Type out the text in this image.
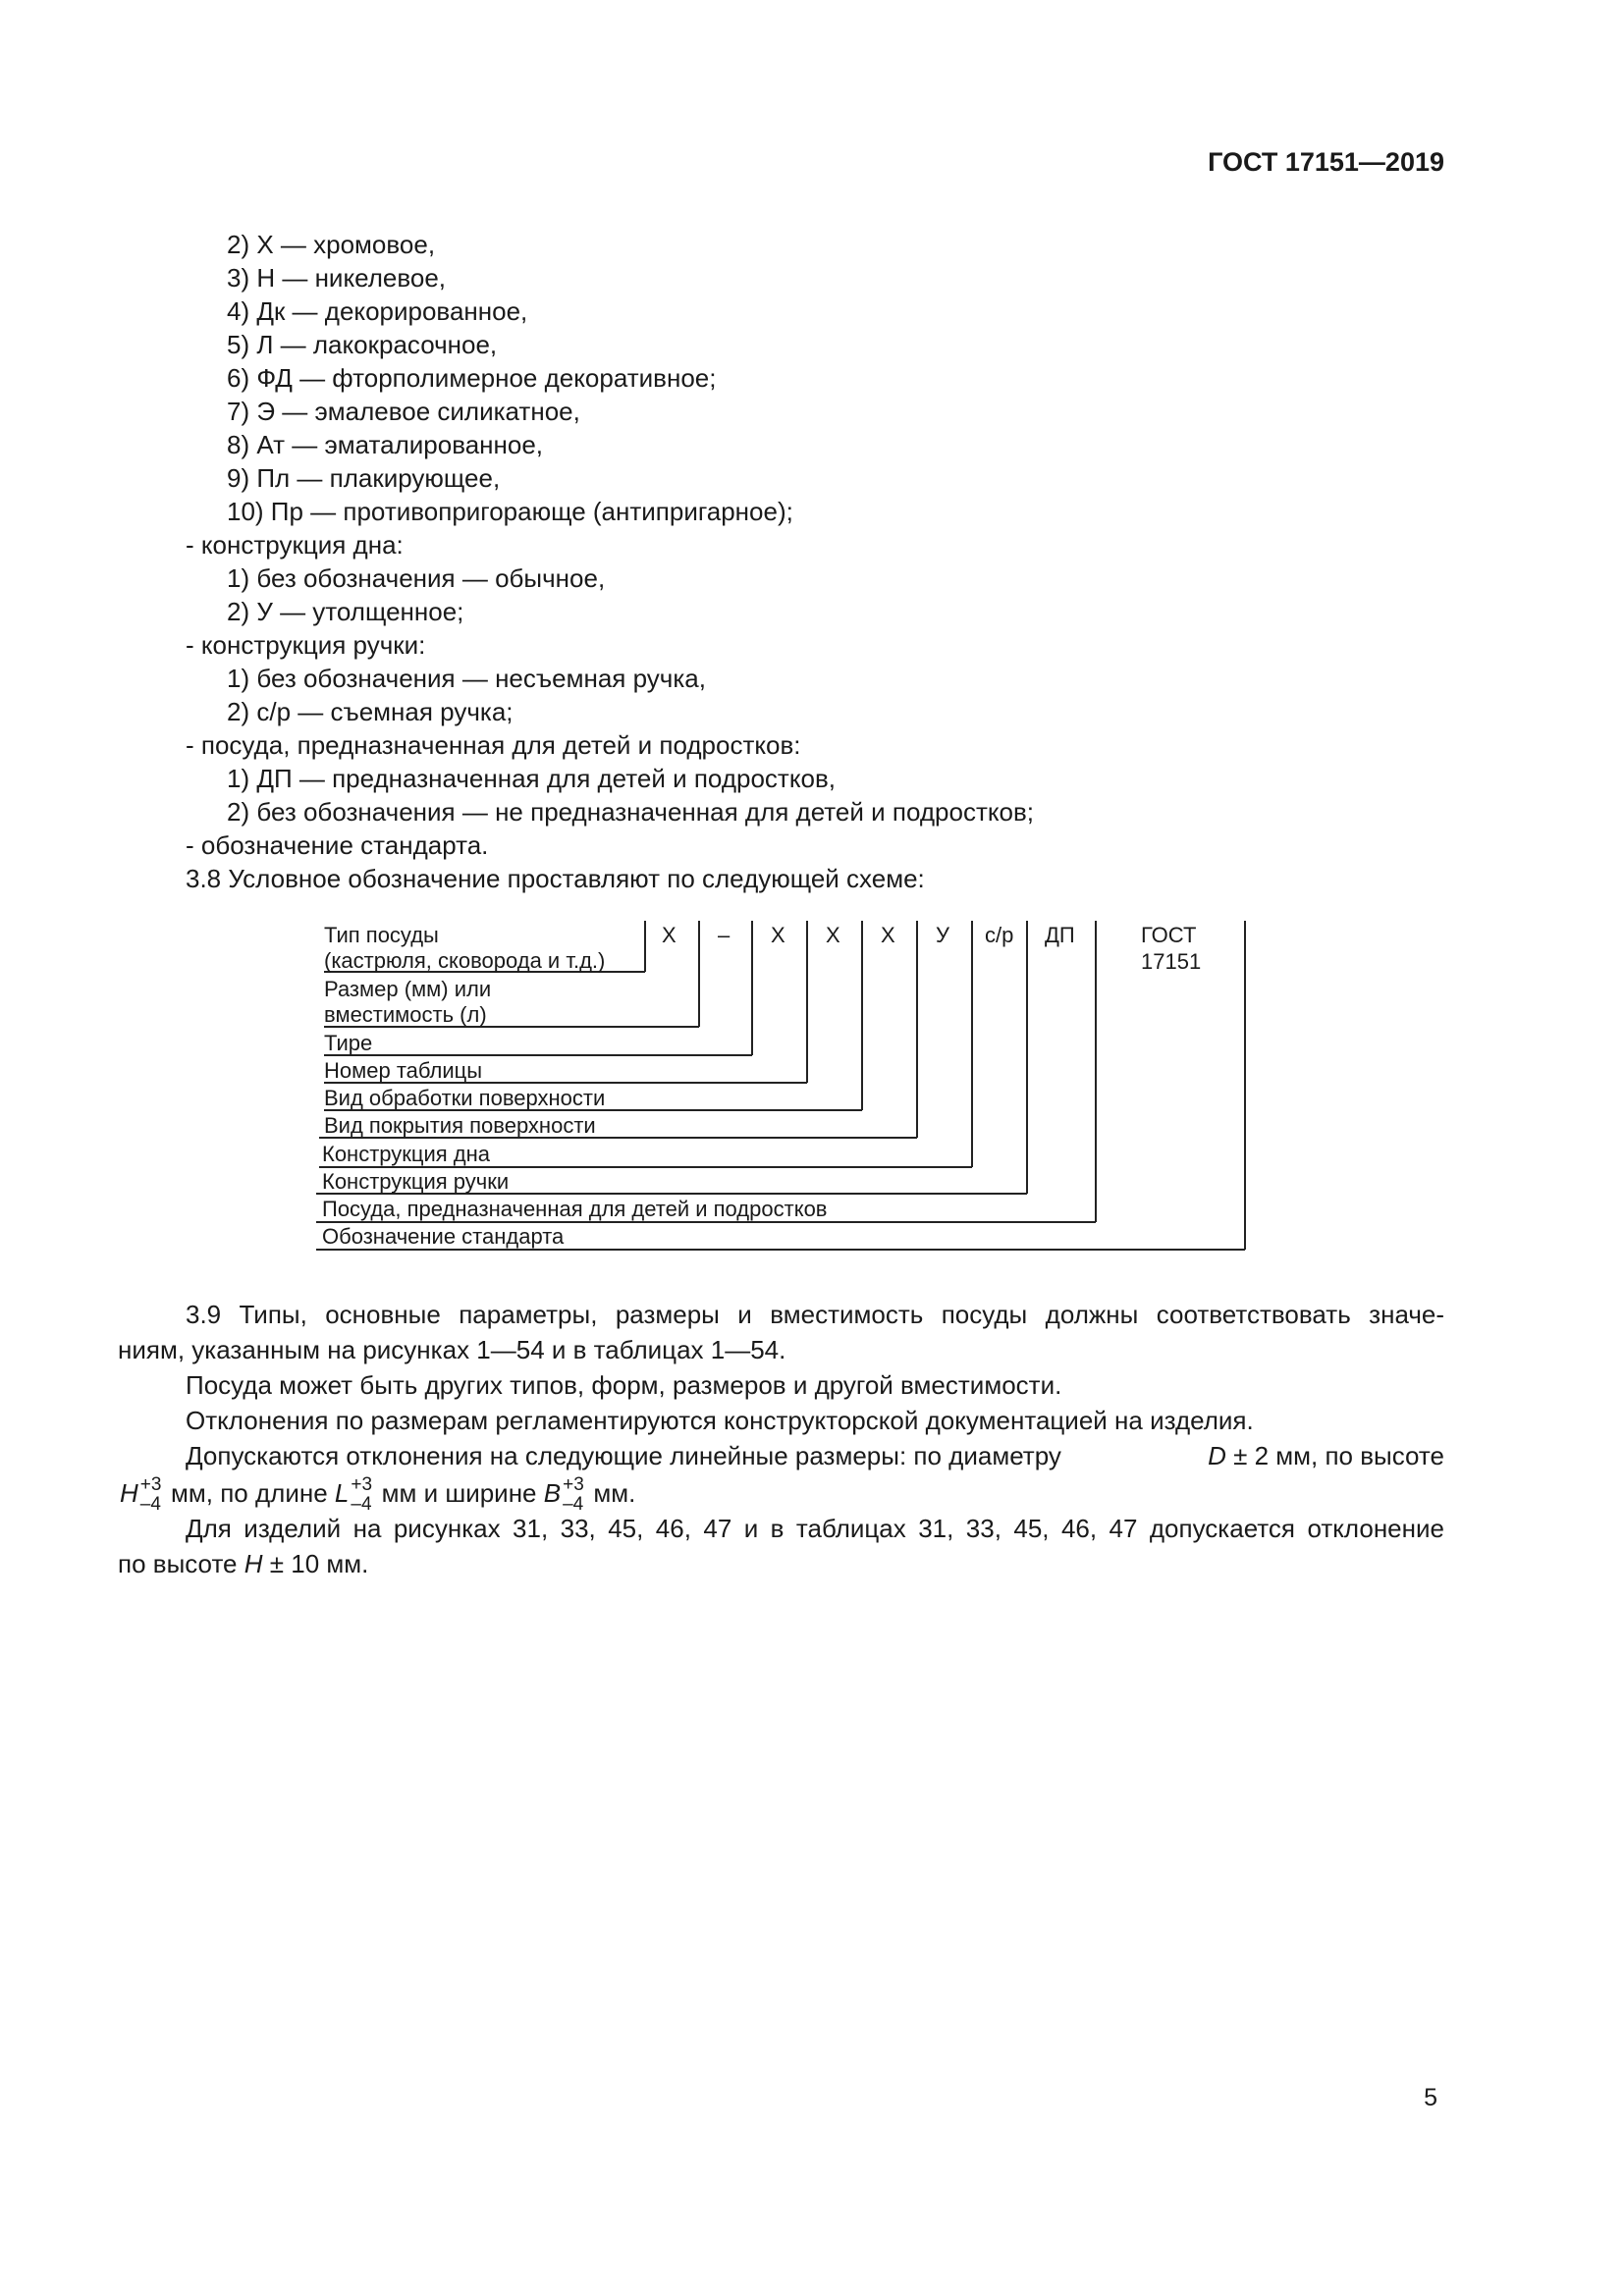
ГОСТ 17151—2019
2) Х — хромовое,
3) Н — никелевое,
4) Дк — декорированное,
5) Л — лакокрасочное,
6) ФД — фторполимерное декоративное;
7) Э — эмалевое силикатное,
8) Ат — эматалированное,
9) Пл — плакирующее,
10) Пр — противопригорающе (антипригарное);
- конструкция дна:
1) без обозначения — обычное,
2) У — утолщенное;
- конструкция ручки:
1) без обозначения — несъемная ручка,
2) с/р — съемная ручка;
- посуда, предназначенная для детей и подростков:
1) ДП — предназначенная для детей и подростков,
2) без обозначения — не предназначенная для детей и подростков;
- обозначение стандарта.
3.8 Условное обозначение проставляют по следующей схеме:
Х – Х Х Х У с/р ДП	ГОСТ
17151
Тип посуды
(кастрюля, сковорода и т.д.)
Размер (мм) или
вместимость (л)
Тире
Номер таблицы
Вид обработки поверхности
Вид покрытия поверхности
Конструкция дна
Конструкция ручки
Посуда, предназначенная для детей и подростков
Обозначение стандарта
3.9 Типы, основные параметры, размеры и вместимость посуды должны соответствовать значе-
ниям, указанным на рисунках 1—54 и в таблицах 1—54.
Посуда может быть других типов, форм, размеров и другой вместимости.
Отклонения по размерам регламентируются конструкторской документацией на изделия.
Допускаются отклонения на следующие линейные размеры: по диаметру	D ± 2 мм, по высоте
H +3
–4 мм, по длине L +3
–4 мм и ширине B +3
–4 мм.
Для изделий на рисунках 31, 33, 45, 46, 47 и в таблицах 31, 33, 45, 46, 47 допускается отклонение
по высоте H ± 10 мм.
5
